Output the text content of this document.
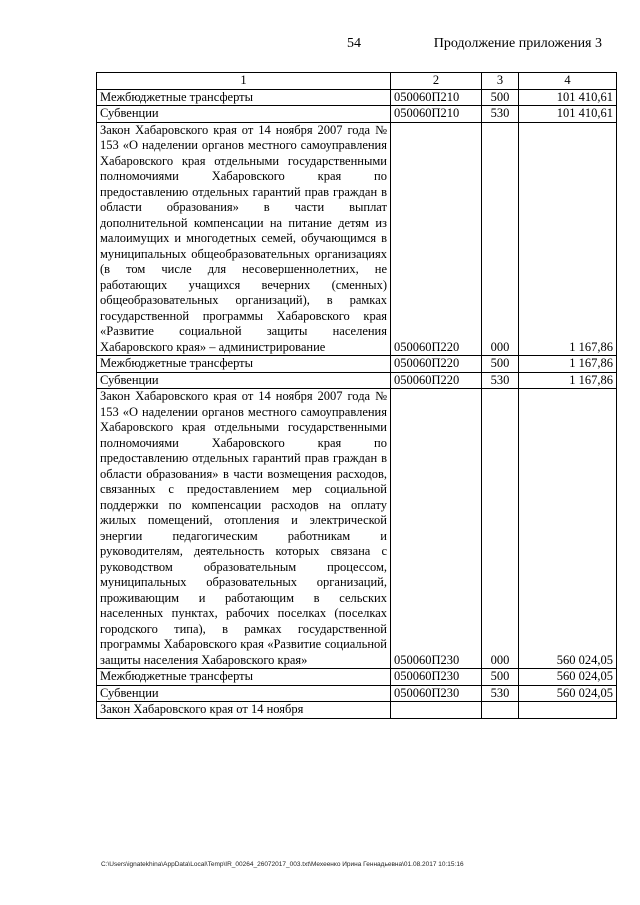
54	Продолжение приложения 3
1	2	3	4
Межбюджетные трансферты	050060П210	500	101 410,61
Субвенции	050060П210	530	101 410,61
Закон Хабаровского края от 14 ноября 2007 года № 153 «О наделении органов местного самоуправления Хабаровского края отдельными государственными полномочиями Хабаровского края по предоставлению отдельных гарантий прав граждан в области образования» в части выплат дополнительной компенсации на питание детям из малоимущих и многодетных семей, обучающимся в муниципальных общеобразовательных организациях (в том числе для несовершеннолетних, не работающих учащихся вечерних (сменных) общеобразовательных организаций), в рамках государственной программы Хабаровского края «Развитие социальной защиты населения Хабаровского края» – администрирование	050060П220	000	1 167,86
Межбюджетные трансферты	050060П220	500	1 167,86
Субвенции	050060П220	530	1 167,86
Закон Хабаровского края от 14 ноября 2007 года № 153 «О наделении органов местного самоуправления Хабаровского края отдельными государственными полномочиями Хабаровского края по предоставлению отдельных гарантий прав граждан в области образования» в части возмещения расходов, связанных с предоставлением мер социальной поддержки по компенсации расходов на оплату жилых помещений, отопления и электрической энергии педагогическим работникам и руководителям, деятельность которых связана с руководством образовательным процессом, муниципальных образовательных организаций, проживающим и работающим в сельских населенных пунктах, рабочих поселках (поселках городского типа), в рамках государственной программы Хабаровского края «Развитие социальной защиты населения Хабаровского края»	050060П230	000	560 024,05
Межбюджетные трансферты	050060П230	500	560 024,05
Субвенции	050060П230	530	560 024,05
Закон Хабаровского края от 14 ноября			
C:\Users\ignatekhina\AppData\Local\Temp\IR_00264_26072017_003.txt\Мехеенко Ирина Геннадьевна\01.08.2017 10:15:16
